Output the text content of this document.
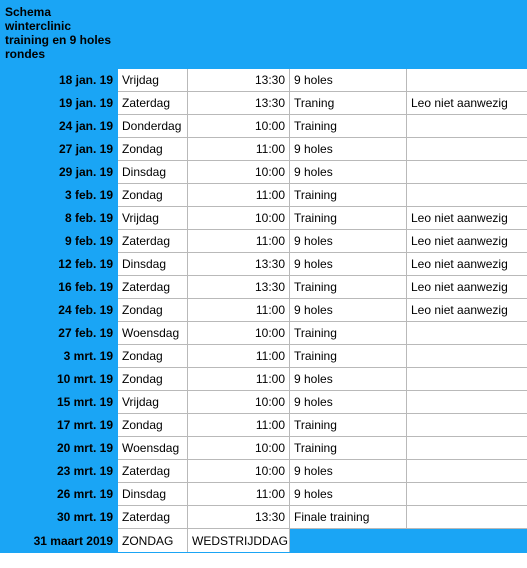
Schema winterclinic training en 9 holes rondes				
18 jan. 19	Vrijdag	13:30	9 holes	
19 jan. 19	Zaterdag	13:30	Traning	Leo niet aanwezig
24 jan. 19	Donderdag	10:00	Training	
27 jan. 19	Zondag	11:00	9 holes	
29 jan. 19	Dinsdag	10:00	9 holes	
3 feb. 19	Zondag	11:00	Training	
8 feb. 19	Vrijdag	10:00	Training	Leo niet aanwezig
9 feb. 19	Zaterdag	11:00	9 holes	Leo niet aanwezig
12 feb. 19	Dinsdag	13:30	9 holes	Leo niet aanwezig
16 feb. 19	Zaterdag	13:30	Training	Leo niet aanwezig
24 feb. 19	Zondag	11:00	9 holes	Leo niet aanwezig
27 feb. 19	Woensdag	10:00	Training	
3 mrt. 19	Zondag	11:00	Training	
10 mrt. 19	Zondag	11:00	9 holes	
15 mrt. 19	Vrijdag	10:00	9 holes	
17 mrt. 19	Zondag	11:00	Training	
20 mrt. 19	Woensdag	10:00	Training	
23 mrt. 19	Zaterdag	10:00	9 holes	
26 mrt. 19	Dinsdag	11:00	9 holes	
30 mrt. 19	Zaterdag	13:30	Finale training	
31 maart 2019	ZONDAG	WEDSTRIJDDAG		
